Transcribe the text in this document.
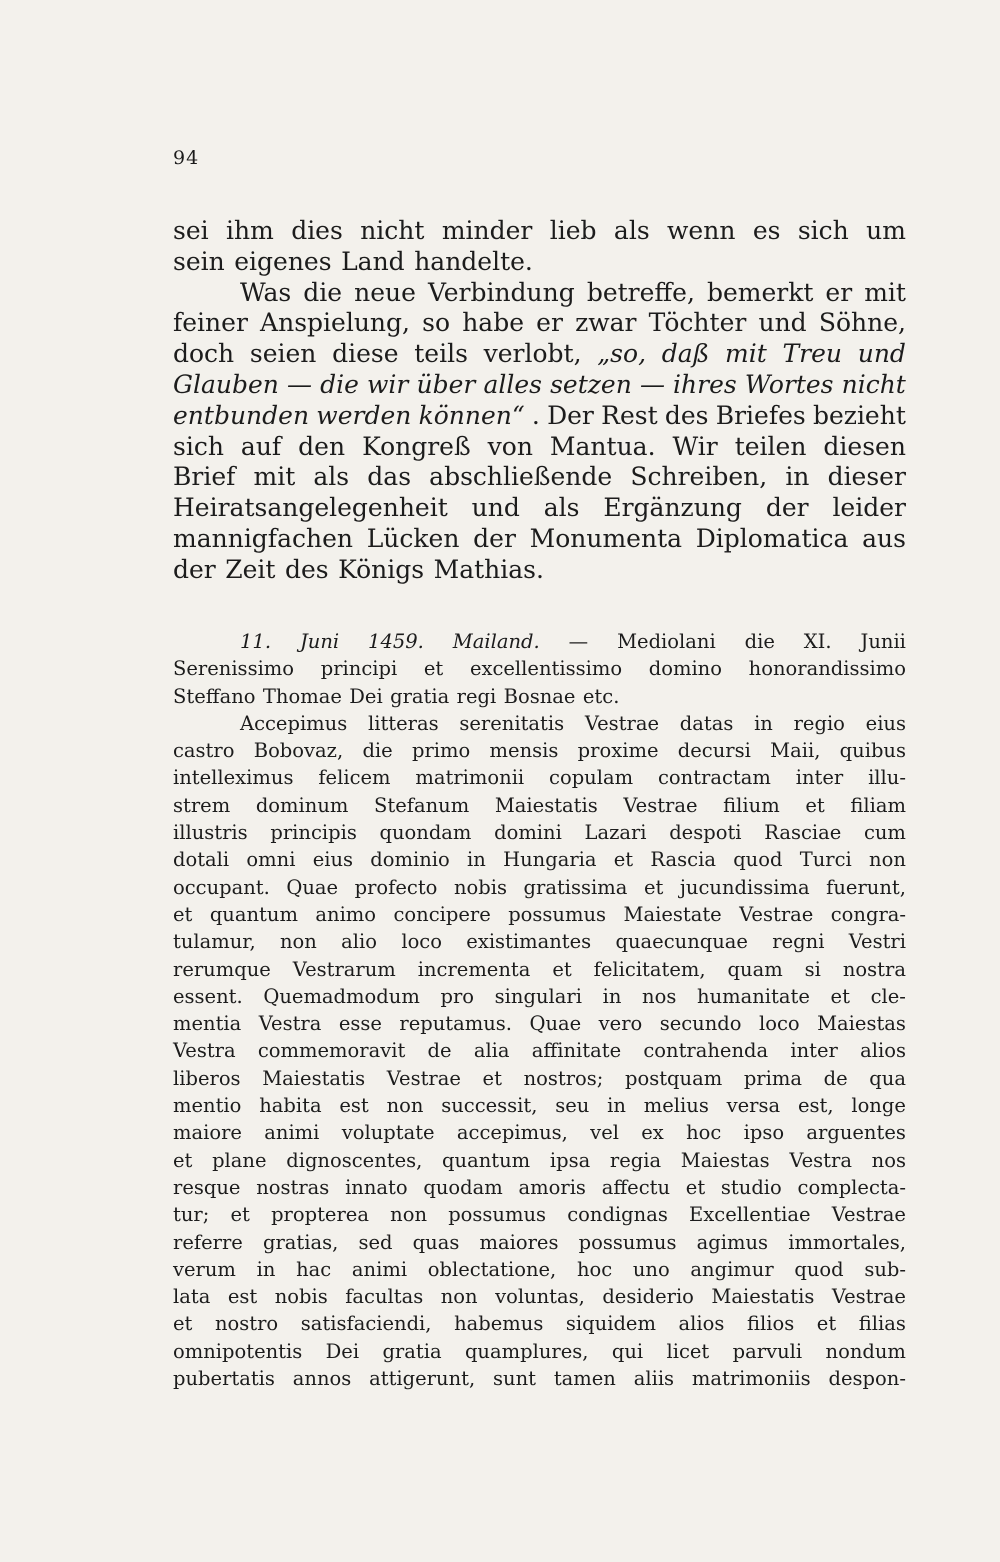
94
sei ihm dies nicht minder lieb als wenn es sich um
sein eigenes Land handelte.
Was die neue Verbindung betreffe, bemerkt er mit
feiner Anspielung, so habe er zwar Töchter und Söhne,
doch seien diese teils verlobt, „so, daß mit Treu und
Glauben — die wir über alles setzen — ihres Wortes nicht
entbunden werden können“ . Der Rest des Briefes bezieht
sich auf den Kongreß von Mantua. Wir teilen diesen
Brief mit als das abschließende Schreiben, in dieser
Heiratsangelegenheit und als Ergänzung der leider
mannigfachen Lücken der Monumenta Diplomatica aus
der Zeit des Königs Mathias.
11. Juni 1459. Mailand. — Mediolani die XI. Junii
Serenissimo principi et excellentissimo domino honorandissimo
Steffano Thomae Dei gratia regi Bosnae etc.
Accepimus litteras serenitatis Vestrae datas in regio eius
castro Bobovaz, die primo mensis proxime decursi Maii, quibus
intelleximus felicem matrimonii copulam contractam inter illu-
strem dominum Stefanum Maiestatis Vestrae filium et filiam
illustris principis quondam domini Lazari despoti Rasciae cum
dotali omni eius dominio in Hungaria et Rascia quod Turci non
occupant. Quae profecto nobis gratissima et jucundissima fuerunt,
et quantum animo concipere possumus Maiestate Vestrae congra-
tulamur, non alio loco existimantes quaecunquae regni Vestri
rerumque Vestrarum incrementa et felicitatem, quam si nostra
essent. Quemadmodum pro singulari in nos humanitate et cle-
mentia Vestra esse reputamus. Quae vero secundo loco Maiestas
Vestra commemoravit de alia affinitate contrahenda inter alios
liberos Maiestatis Vestrae et nostros; postquam prima de qua
mentio habita est non successit, seu in melius versa est, longe
maiore animi voluptate accepimus, vel ex hoc ipso arguentes
et plane dignoscentes, quantum ipsa regia Maiestas Vestra nos
resque nostras innato quodam amoris affectu et studio complecta-
tur; et propterea non possumus condignas Excellentiae Vestrae
referre gratias, sed quas maiores possumus agimus immortales,
verum in hac animi oblectatione, hoc uno angimur quod sub-
lata est nobis facultas non voluntas, desiderio Maiestatis Vestrae
et nostro satisfaciendi, habemus siquidem alios filios et filias
omnipotentis Dei gratia quamplures, qui licet parvuli nondum
pubertatis annos attigerunt, sunt tamen aliis matrimoniis despon-
